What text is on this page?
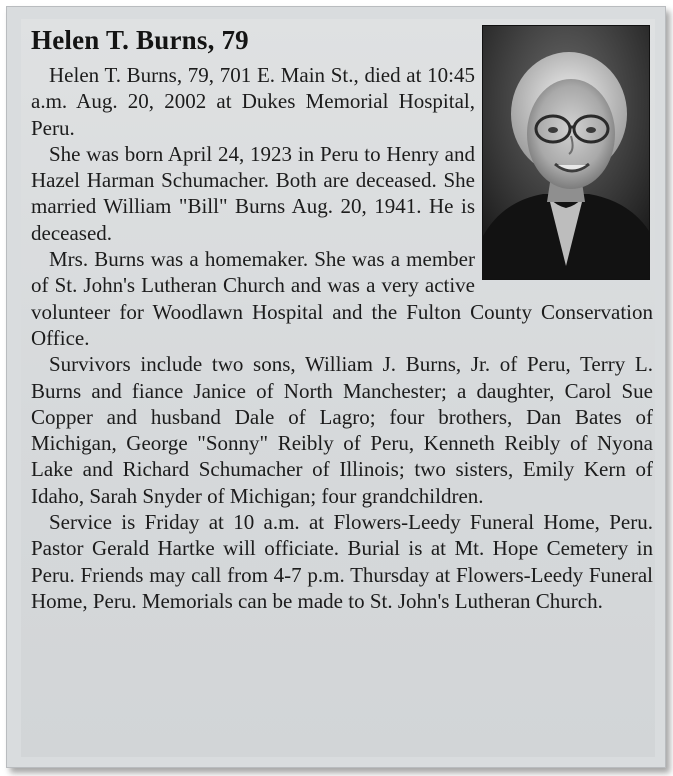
Helen T. Burns, 79

Helen T. Burns, 79, 701 E. Main St., died at 10:45 a.m. Aug. 20, 2002 at Dukes Memorial Hospital, Peru.

She was born April 24, 1923 in Peru to Henry and Hazel Harman Schumacher. Both are deceased. She married William "Bill" Burns Aug. 20, 1941. He is deceased.

Mrs. Burns was a homemaker. She was a member of St. John's Lutheran Church and was a very active volunteer for Woodlawn Hospital and the Fulton County Conservation Office.

Survivors include two sons, William J. Burns, Jr. of Peru, Terry L. Burns and fiance Janice of North Manchester; a daughter, Carol Sue Copper and husband Dale of Lagro; four brothers, Dan Bates of Michigan, George "Sonny" Reibly of Peru, Kenneth Reibly of Nyona Lake and Richard Schumacher of Illinois; two sisters, Emily Kern of Idaho, Sarah Snyder of Michigan; four grandchildren.

Service is Friday at 10 a.m. at Flowers-Leedy Funeral Home, Peru. Pastor Gerald Hartke will officiate. Burial is at Mt. Hope Cemetery in Peru. Friends may call from 4-7 p.m. Thursday at Flowers-Leedy Funeral Home, Peru. Memorials can be made to St. John's Lutheran Church.
